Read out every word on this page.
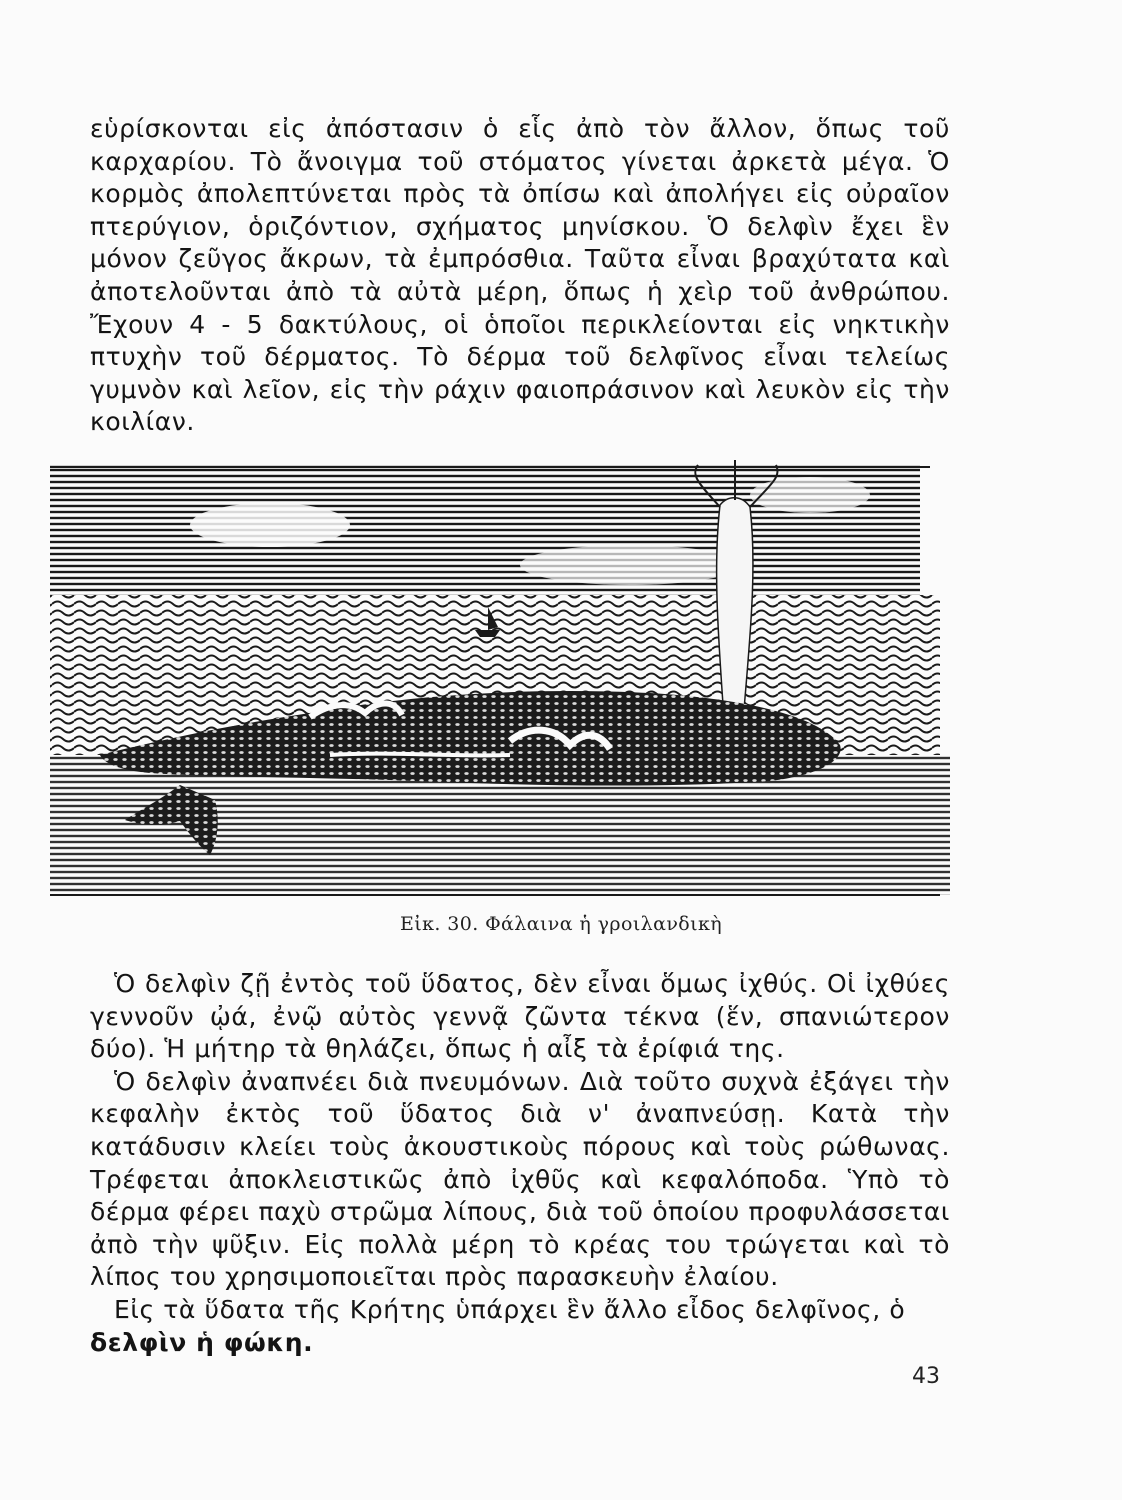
εὑρίσκονται εἰς ἀπόστασιν ὁ εἷς ἀπὸ τὸν ἄλλον, ὅπως τοῦ καρχαρίου. Τὸ ἄνοιγμα τοῦ στόματος γίνεται ἀρκετὰ μέγα. Ὁ κορμὸς ἀπολεπτύνεται πρὸς τὰ ὀπίσω καὶ ἀπολήγει εἰς οὐραῖον πτερύγιον, ὁριζόντιον, σχήματος μηνίσκου. Ὁ δελφὶν ἔχει ἓν μόνον ζεῦγος ἄκρων, τὰ ἐμπρόσθια. Ταῦτα εἶναι βραχύτατα καὶ ἀποτελοῦνται ἀπὸ τὰ αὐτὰ μέρη, ὅπως ἡ χεὶρ τοῦ ἀνθρώπου. Ἔχουν 4 - 5 δακτύλους, οἱ ὁποῖοι περικλείονται εἰς νηκτικὴν πτυχὴν τοῦ δέρματος. Τὸ δέρμα τοῦ δελφῖνος εἶναι τελείως γυμνὸν καὶ λεῖον, εἰς τὴν ράχιν φαιοπράσινον καὶ λευκὸν εἰς τὴν κοιλίαν.

Εἰκ. 30. Φάλαινα ἡ γροιλανδικὴ

Ὁ δελφὶν ζῇ ἐντὸς τοῦ ὕδατος, δὲν εἶναι ὅμως ἰχθύς. Οἱ ἰχθύες γεννοῦν ᾠά, ἐνῷ αὐτὸς γεννᾷ ζῶντα τέκνα (ἕν, σπανιώτερον δύο). Ἡ μήτηρ τὰ θηλάζει, ὅπως ἡ αἶξ τὰ ἐρίφιά της.

Ὁ δελφὶν ἀναπνέει διὰ πνευμόνων. Διὰ τοῦτο συχνὰ ἐξάγει τὴν κεφαλὴν ἐκτὸς τοῦ ὕδατος διὰ ν' ἀναπνεύσῃ. Κατὰ τὴν κατάδυσιν κλείει τοὺς ἀκουστικοὺς πόρους καὶ τοὺς ρώθωνας. Τρέφεται ἀποκλειστικῶς ἀπὸ ἰχθῦς καὶ κεφαλόποδα. Ὑπὸ τὸ δέρμα φέρει παχὺ στρῶμα λίπους, διὰ τοῦ ὁποίου προφυλάσσεται ἀπὸ τὴν ψῦξιν. Εἰς πολλὰ μέρη τὸ κρέας του τρώγεται καὶ τὸ λίπος του χρησιμοποιεῖται πρὸς παρασκευὴν ἐλαίου.

Εἰς τὰ ὕδατα τῆς Κρήτης ὑπάρχει ἓν ἄλλο εἶδος δελφῖνος, ὁ δελφὶν ἡ φώκη.

43
